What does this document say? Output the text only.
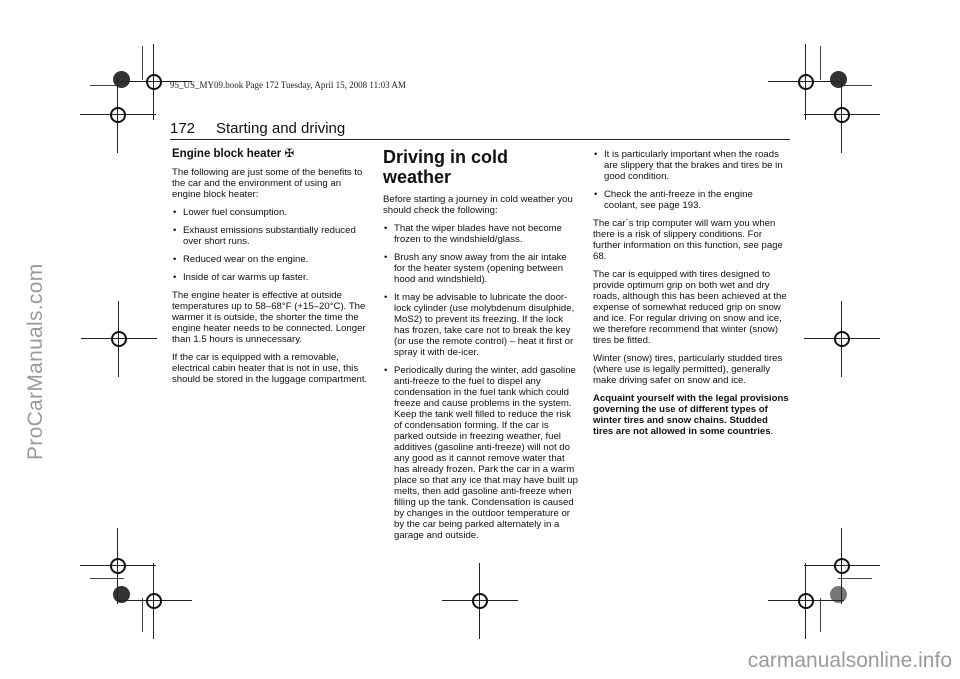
95_US_MY09.book Page 172 Tuesday, April 15, 2008 11:03 AM
172 Starting and driving
Engine block heater ✠

The following are just some of the benefits to the car and the environment of using an engine block heater:

• Lower fuel consumption.
• Exhaust emissions substantially reduced over short runs.
• Reduced wear on the engine.
• Inside of car warms up faster.

The engine heater is effective at outside temperatures up to 58–68°F (+15–20°C). The warmer it is outside, the shorter the time the engine heater needs to be connected. Longer than 1.5 hours is unnecessary.

If the car is equipped with a removable, electrical cabin heater that is not in use, this should be stored in the luggage compartment.

Driving in cold weather

Before starting a journey in cold weather you should check the following:

• That the wiper blades have not become frozen to the windshield/glass.
• Brush any snow away from the air intake for the heater system (opening between hood and windshield).
• It may be advisable to lubricate the door-lock cylinder (use molybdenum disulphide, MoS2) to prevent its freezing. If the lock has frozen, take care not to break the key (or use the remote control) – heat it first or spray it with de-icer.
• Periodically during the winter, add gasoline anti-freeze to the fuel to dispel any condensation in the fuel tank which could freeze and cause problems in the system. Keep the tank well filled to reduce the risk of condensation forming. If the car is parked outside in freezing weather, fuel additives (gasoline anti-freeze) will not do any good as it cannot remove water that has already frozen. Park the car in a warm place so that any ice that may have built up melts, then add gasoline anti-freeze when filling up the tank. Condensation is caused by changes in the outdoor temperature or by the car being parked alternately in a garage and outside.
• It is particularly important when the roads are slippery that the brakes and tires be in good condition.
• Check the anti-freeze in the engine coolant, see page 193.

The car´s trip computer will warn you when there is a risk of slippery conditions. For further information on this function, see page 68.

The car is equipped with tires designed to provide optimum grip on both wet and dry roads, although this has been achieved at the expense of somewhat reduced grip on snow and ice. For regular driving on snow and ice, we therefore recommend that winter (snow) tires be fitted.

Winter (snow) tires, particularly studded tires (where use is legally permitted), generally make driving safer on snow and ice.

Acquaint yourself with the legal provisions governing the use of different types of winter tires and snow chains. Studded tires are not allowed in some countries.

ProCarManuals.com
carmanualsonline.info
